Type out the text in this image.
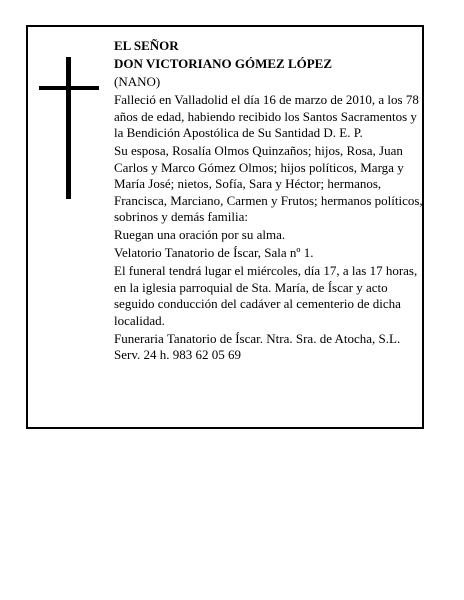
EL SEÑOR

DON VICTORIANO GÓMEZ LÓPEZ

(NANO)

Falleció en Valladolid el día 16 de marzo de 2010, a los 78 años de edad, habiendo recibido los Santos Sacramentos y la Bendición Apostólica de Su Santidad D. E. P.

Su esposa, Rosalía Olmos Quinzaños; hijos, Rosa, Juan Carlos y Marco Gómez Olmos; hijos políticos, Marga y María José; nietos, Sofía, Sara y Héctor; hermanos, Francisca, Marciano, Carmen y Frutos; hermanos políticos, sobrinos y demás familia:

Ruegan una oración por su alma.

Velatorio Tanatorio de Íscar, Sala nº 1.

El funeral tendrá lugar el miércoles, día 17, a las 17 horas, en la iglesia parroquial de Sta. María, de Íscar y acto seguido conducción del cadáver al cementerio de dicha localidad.

Funeraria Tanatorio de Íscar. Ntra. Sra. de Atocha, S.L. Serv. 24 h. 983 62 05 69
